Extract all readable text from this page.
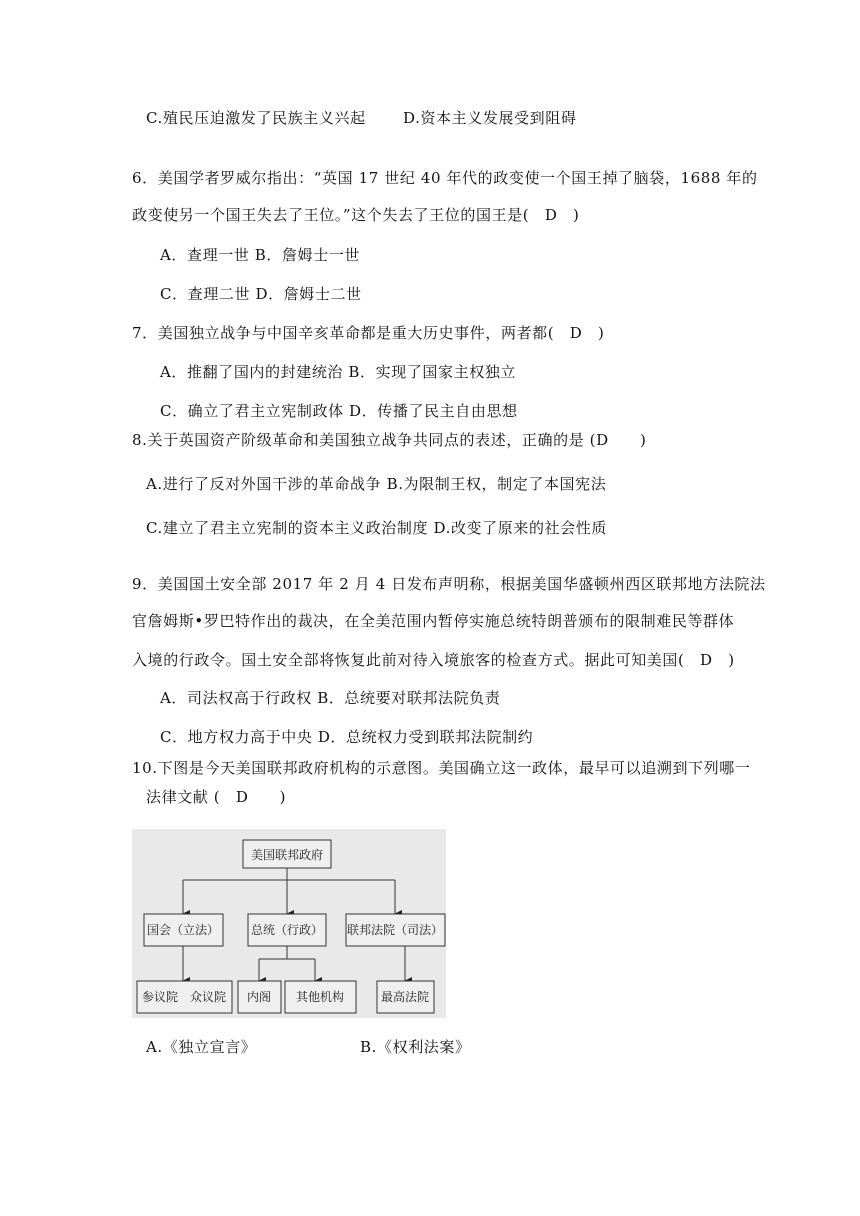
C.殖民压迫激发了民族主义兴起 D.资本主义发展受到阻碍
6．美国学者罗威尔指出：“英国 17 世纪 40 年代的政变使一个国王掉了脑袋，1688 年的
政变使另一个国王失去了王位。”这个失去了王位的国王是(　D　)
A．查理一世 B．詹姆士一世
C．查理二世 D．詹姆士二世
7．美国独立战争与中国辛亥革命都是重大历史事件，两者都(　D　)
A．推翻了国内的封建统治 B．实现了国家主权独立
C．确立了君主立宪制政体 D．传播了民主自由思想
8.关于英国资产阶级革命和美国独立战争共同点的表述，正确的是 (D　　)
A.进行了反对外国干涉的革命战争 B.为限制王权，制定了本国宪法
C.建立了君主立宪制的资本主义政治制度 D.改变了原来的社会性质
9．美国国土安全部 2017 年 2 月 4 日发布声明称，根据美国华盛顿州西区联邦地方法院法
官詹姆斯•罗巴特作出的裁决，在全美范围内暂停实施总统特朗普颁布的限制难民等群体
入境的行政令。国土安全部将恢复此前对待入境旅客的检查方式。据此可知美国(　D　)
A．司法权高于行政权 B．总统要对联邦法院负责
C．地方权力高于中央 D．总统权力受到联邦法院制约
10.下图是今天美国联邦政府机构的示意图。美国确立这一政体，最早可以追溯到下列哪一
法律文献 (　D　　)
美国联邦政府
国会（立法）	总统（行政） 联邦法院（司法）
参议院　众议院 内阁 其他机构	最高法院
A.《独立宣言》	B.《权利法案》
